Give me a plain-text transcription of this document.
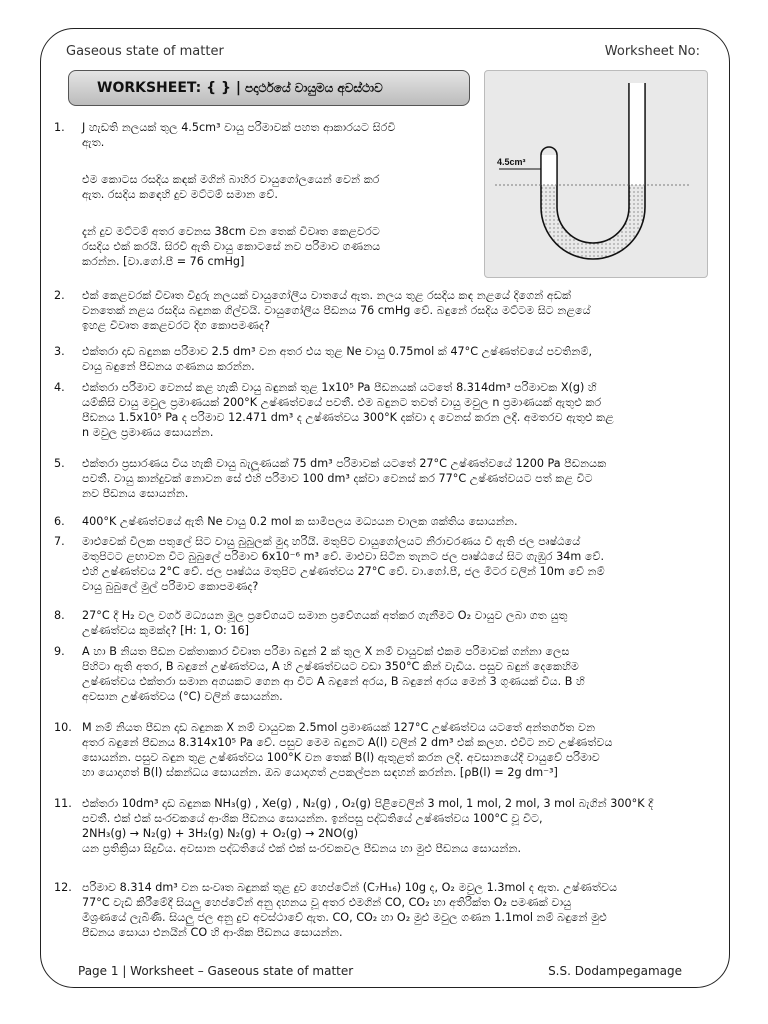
Gaseous state of matter	Worksheet No:
WORKSHEET: { } | පදාර්ථයේ වායුමය අවස්ථාව
4.5cm³
1.	J හැඩති නලයක් තුල 4.5cm³ වායු පරිමාවක් පහත ආකාරයට සිරවී
ඇත.
එම කොටස රසදිය කඳක් මගින් බාහිර වායුගෝලයෙන් වෙන් කර
ඇත. රසදිය කඳෙහි දුව මට්ටම් සමාන වේ.
දැන් දුව මට්ටම් අතර වෙනස 38cm වන තෙක් විවෘත කෙළවරට
රසදිය එක් කරයි. සිරවී ඇති වායු කොටසේ නව පරිමාව ගණනය
කරන්න. [වා.ගෝ.පී = 76 cmHg]
2.	එක් කෙළවරක් විවෘත වීදුරු නලයක් වායුගෝලීය වාතයේ ඇත. නලය තුළ රසදිය කඳ නළයේ දිගෙන් අඩක්
වනතෙක් නළය රසදිය බඳුනක ගිල්වයි. වායුගෝලීය පීඩනය 76 cmHg වේ. බඳුනේ රසදිය මට්ටම සිට නළයේ
ඉහළ විවෘත කෙළවරට දිග කොපමණද?
3.	එක්තරා දෘඩ බඳුනක පරිමාව 2.5 dm³ වන අතර එය තුළ Ne වායු 0.75mol ක් 47°C උෂ්ණත්වයේ පවතිනම්,
වායු බඳුනේ පීඩනය ගණනය කරන්න.
4.	එක්තරා පරිමාව වෙනස් කළ හැකි වායු බඳුනක් තුළ 1x10⁵ Pa පීඩනයක් යටතේ 8.314dm³ පරිමාවක X(g) හි
යම්කිසි වායු මවුල ප්‍රමාණයක් 200°K උෂ්ණත්වයේ පවතී. එම බඳුනට තවත් වායු මවුල n ප්‍රමාණයක් ඇතුළු කර
පීඩනය 1.5x10⁵ Pa ද පරිමාව 12.471 dm³ ද උෂ්ණත්වය 300°K දක්වා ද වෙනස් කරන ලදී. අමතරව ඇතුළු කළ
n මවුල ප්‍රමාණය සොයන්න.
5.	එක්තරා ප්‍රසාරණය විය හැකි වායු බැලූණයක් 75 dm³ පරිමාවක් යටතේ 27°C උෂ්ණත්වයේ 1200 Pa පීඩනයක
පවතී. වායු කාන්දුවක් නොවන සේ එහි පරිමාව 100 dm³ දක්වා වෙනස් කර 77°C උෂ්ණත්වයට පත් කළ විට
නව පීඩනය සොයන්න.
6.	400°K උෂ්ණත්වයේ ඇති Ne වායු 0.2 mol ක සාමිපලය මධ්‍යයන චාලක ශක්තිය සොයන්න.
7.	මාළුවෙක් විලක පතුලේ සිට වායු බුබුලක් මුදා හරියි. මතුපිට වායුගෝලයට නිරාවරණය වී ඇති ජල පෘෂ්ඨයේ
මතුපිටට ළඟාවන විට බුබුලේ පරිමාව 6x10⁻⁶ m³ වේ. මාළුවා සිටින තැනට ජල පෘෂ්ඨයේ සිට ගැඹුර 34m වේ.
එහි උෂ්ණත්වය 2°C වේ. ජල පෘෂ්ඨය මතුපිට උෂ්ණත්වය 27°C වේ. වා.ගෝ.පී, ජල මීටර වලින් 10m වේ නම්
වායු බුබුලේ මුල් පරිමාව කොපමණද?
8.	27°C දී H₂ වල වර්ග මධ්‍යයන මූල ප්‍රවේගයට සමාන ප්‍රවේගයක් අත්කර ගැනීමට O₂ වායුව ලබා ගත යුතු
උෂ්ණත්වය කුමක්ද? [H: 1, O: 16]
9.	A හා B නියත පීඩන වක්තාකාර විවෘත පරිමා බඳුන් 2 ක් තුල X නම් වායුවක් එකම පරිමාවක් ගන්නා ලෙස
පිහිටා ඇති අතර, B බඳුනේ උෂ්ණත්වය, A හි උෂ්ණත්වයට වඩා 350°C කින් වැඩිය. පසුව බඳුන් දෙකෙහිම
උෂ්ණත්වය එක්තරා සමාන අගයකට ගෙන ආ විට A බඳුනේ අරය, B බඳුනේ අරය මෙන් 3 ගුණයක් විය. B හි
අවසාන උෂ්ණත්වය (°C) වලින් සොයන්න.
10. M නම් නියත පීඩන දෘඩ බඳුනක X නම් වායුවක 2.5mol ප්‍රමාණයක් 127°C උෂ්ණත්වය යටතේ අන්තර්ගත වන
අතර බඳුනේ පීඩනය 8.314x10⁵ Pa වේ. පසුව මෙම බඳුනට A(l) වලින් 2 dm³ එක් කලහ. එවිට නව උෂ්ණත්වය
සොයන්න. පසුව බඳුන තුළ උෂ්ණත්වය 100°K වන තෙක් B(l) ඇතුළත් කරන ලදී. අවසානයේදී වායුවේ පරිමාව
හා යොදාගත් B(l) ස්කන්ධය සොයන්න. ඔබ යොදාගත් උපකල්පන සඳහන් කරන්න. [ρB(l) = 2g dm⁻³]
11. එක්තරා 10dm³ දෘඩ බඳුනක NH₃(g) , Xe(g) , N₂(g) , O₂(g) පිළිවෙලින් 3 mol, 1 mol, 2 mol, 3 mol බැගින් 300°K දී
පවතී. එක් එක් සංරචකයේ ආංශික පීඩනය සොයන්න. ඉන්පසු පද්ධතියේ උෂ්ණත්වය 100°C වූ විට,
2NH₃(g) → N₂(g) + 3H₂(g) N₂(g) + O₂(g) → 2NO(g)
යන ප්‍රතික්‍රියා සිදුවිය. අවසාන පද්ධතියේ එක් එක් සංරචකවල පීඩනය හා මුළු පීඩනය සොයන්න.
12. පරිමාව 8.314 dm³ වන සංවෘත බඳුනක් තුළ දුව හෙප්ටේන් (C₇H₁₆) 10g ද, O₂ මවුල 1.3mol ද ඇත. උෂ්ණත්වය
77°C වැඩි කිරීමේදී සියලු හෙප්ටේන් අනු දහනය වූ අතර එමගින් CO, CO₂ හා අතිරික්ත O₂ පමණක් වායු
මිශ්‍රණයේ ලැබිණි. සියලු ජල අනු දුව අවස්ථාවේ ඇත. CO, CO₂ හා O₂ මුළු මවුල ගණන 1.1mol නම් බඳුනේ මුළු
පීඩනය සොයා එනයින් CO හි ආංශික පීඩනය සොයන්න.
Page 1 | Worksheet – Gaseous state of matter	S.S. Dodampegamage
